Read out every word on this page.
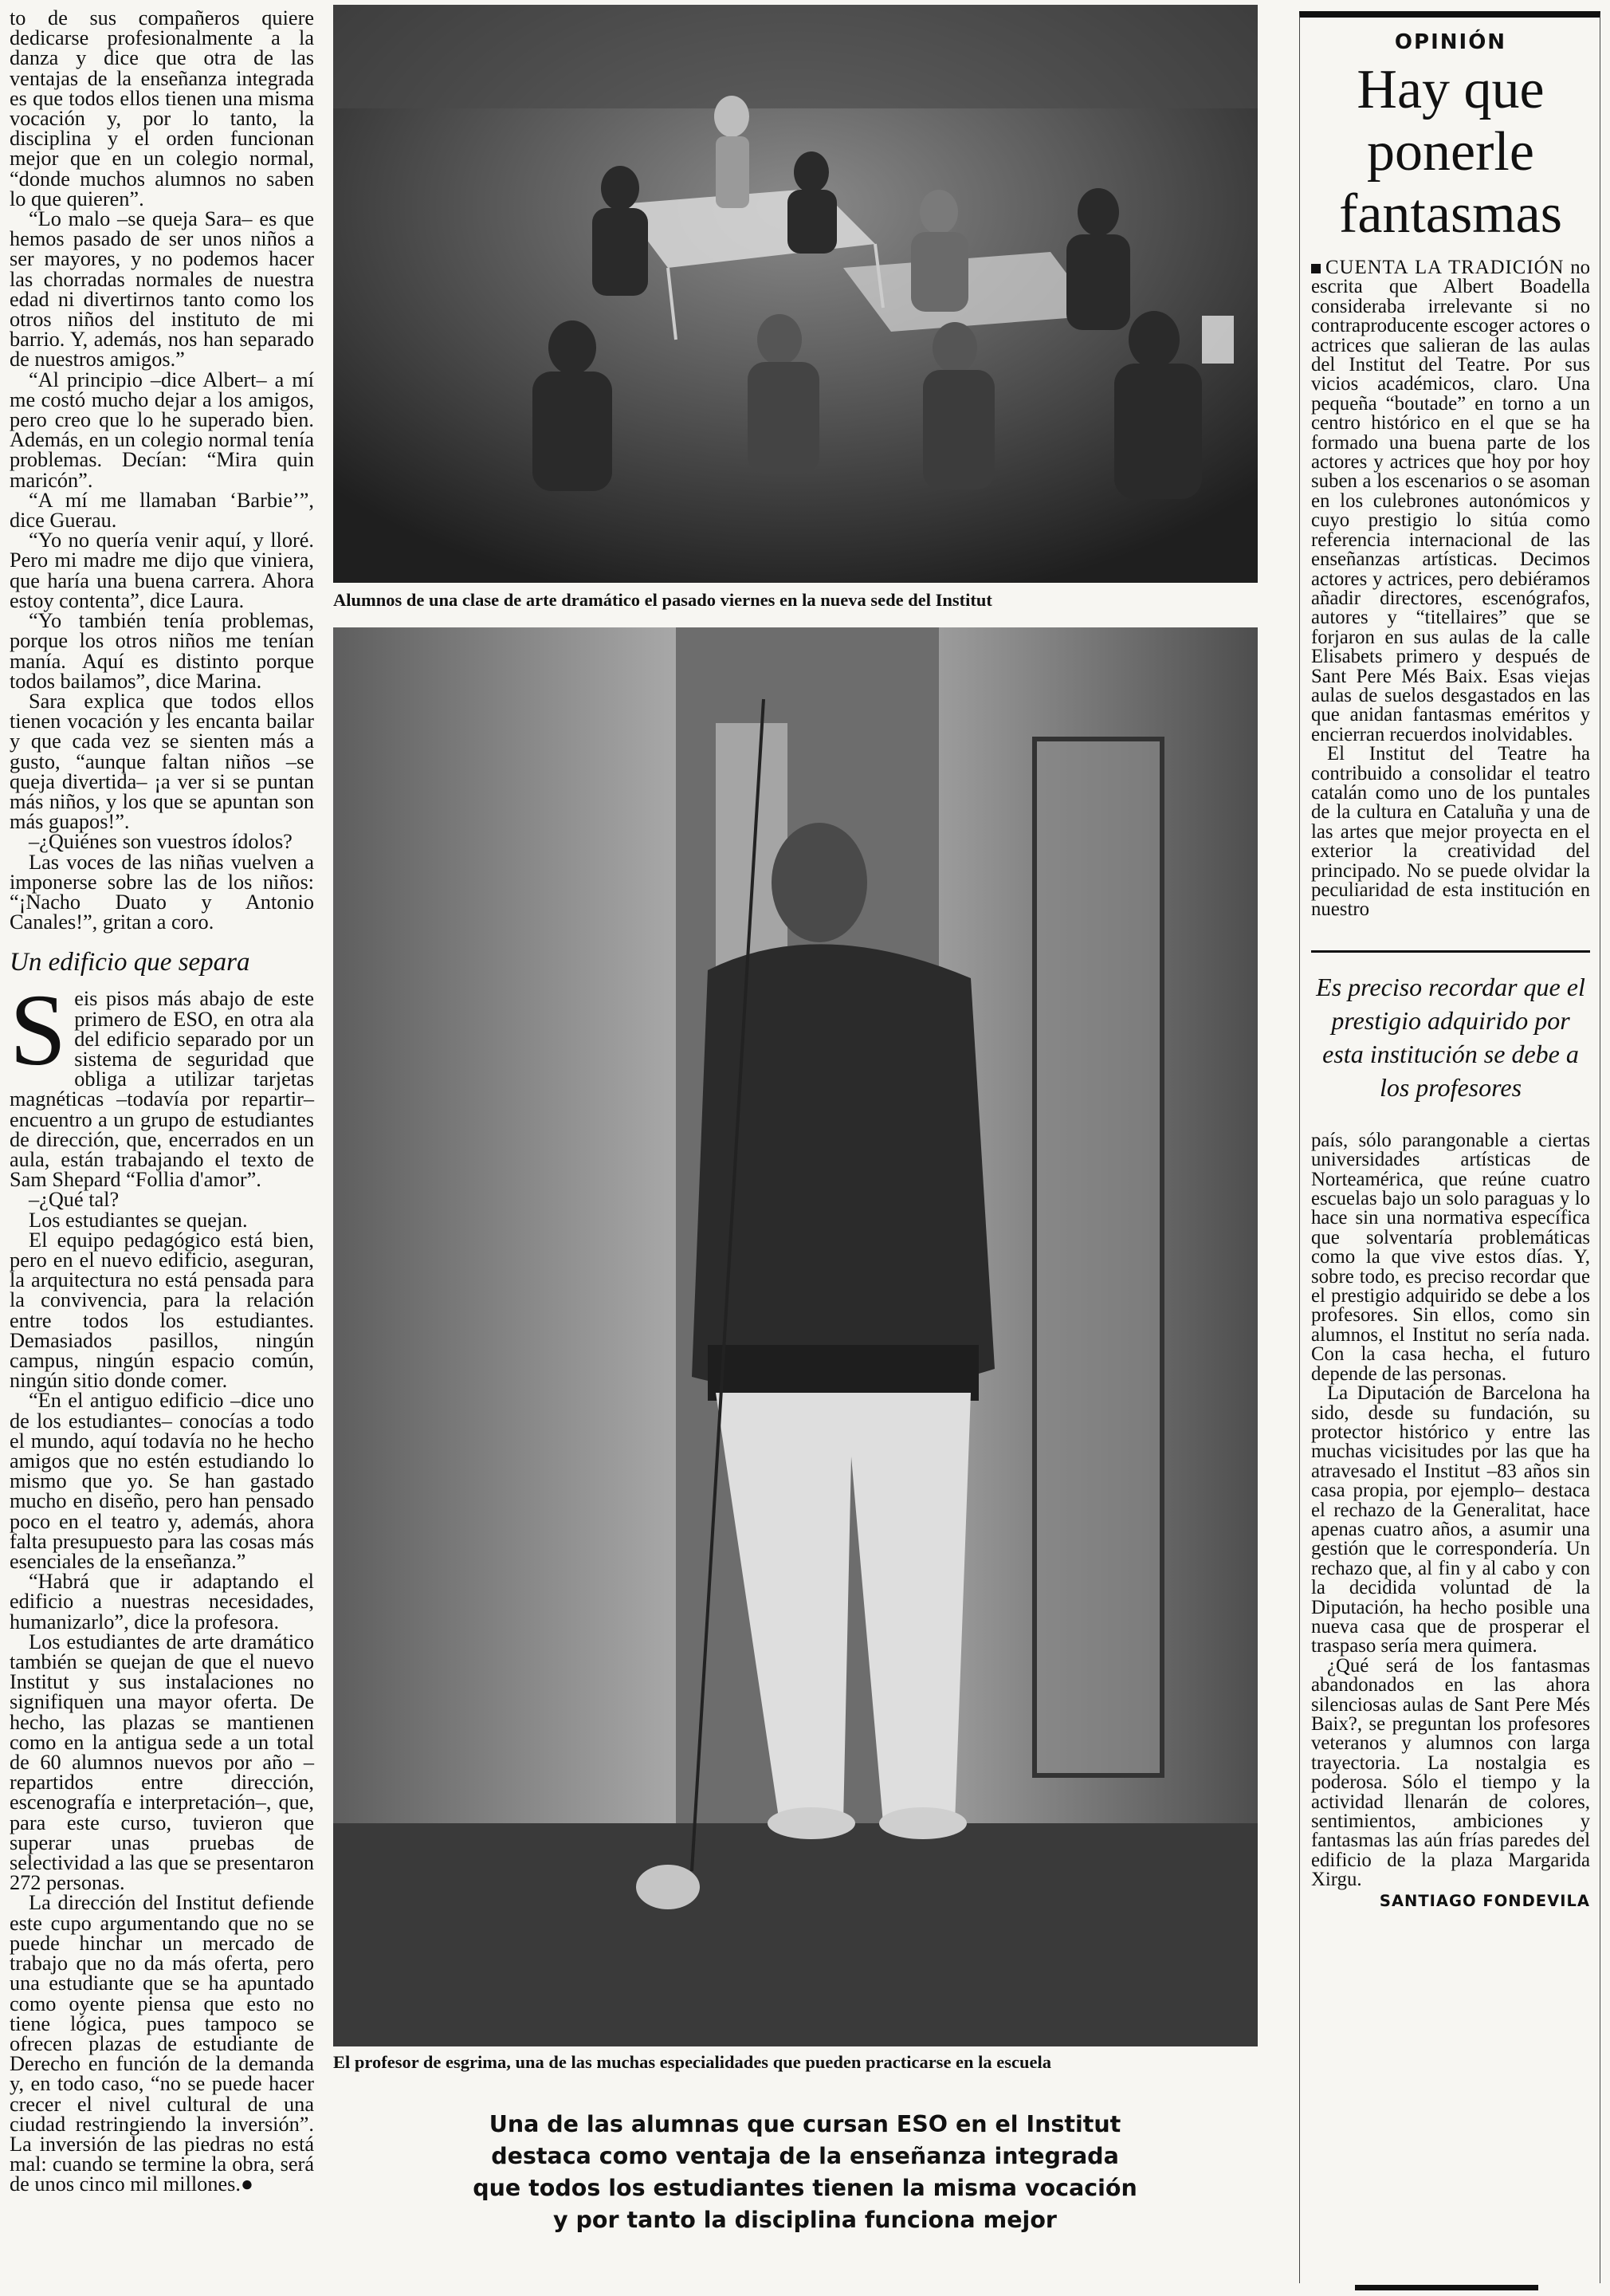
to de sus compañeros quiere dedicarse profesionalmente a la danza y dice que otra de las ventajas de la enseñanza integrada es que todos ellos tienen una misma vocación y, por lo tanto, la disciplina y el orden funcionan mejor que en un colegio normal, “donde muchos alumnos no saben lo que quieren”.

“Lo malo –se queja Sara– es que hemos pasado de ser unos niños a ser mayores, y no podemos hacer las chorradas normales de nuestra edad ni divertirnos tanto como los otros niños del instituto de mi barrio. Y, además, nos han separado de nuestros amigos.”

“Al principio –dice Albert– a mí me costó mucho dejar a los amigos, pero creo que lo he superado bien. Además, en un colegio normal tenía problemas. Decían: “Mira quin maricón”.

“A mí me llamaban ‘Barbie’”, dice Guerau.

“Yo no quería venir aquí, y lloré. Pero mi madre me dijo que viniera, que haría una buena carrera. Ahora estoy contenta”, dice Laura.

“Yo también tenía problemas, porque los otros niños me tenían manía. Aquí es distinto porque todos bailamos”, dice Marina.

Sara explica que todos ellos tienen vocación y les encanta bailar y que cada vez se sienten más a gusto, “aunque faltan niños –se queja divertida– ¡a ver si se puntan más niños, y los que se apuntan son más guapos!”.

–¿Quiénes son vuestros ídolos?

Las voces de las niñas vuelven a imponerse sobre las de los niños: “¡Nacho Duato y Antonio Canales!”, gritan a coro.

Un edificio que separa

Seis pisos más abajo de este primero de ESO, en otra ala del edificio separado por un sistema de seguridad que obliga a utilizar tarjetas magnéticas –todavía por repartir– encuentro a un grupo de estudiantes de dirección, que, encerrados en un aula, están trabajando el texto de Sam Shepard “Follia d'amor”.

–¿Qué tal?

Los estudiantes se quejan.

El equipo pedagógico está bien, pero en el nuevo edificio, aseguran, la arquitectura no está pensada para la convivencia, para la relación entre todos los estudiantes. Demasiados pasillos, ningún campus, ningún espacio común, ningún sitio donde comer.

“En el antiguo edificio –dice uno de los estudiantes– conocías a todo el mundo, aquí todavía no he hecho amigos que no estén estudiando lo mismo que yo. Se han gastado mucho en diseño, pero han pensado poco en el teatro y, además, ahora falta presupuesto para las cosas más esenciales de la enseñanza.”

“Habrá que ir adaptando el edificio a nuestras necesidades, humanizarlo”, dice la profesora.

Los estudiantes de arte dramático también se quejan de que el nuevo Institut y sus instalaciones no signifiquen una mayor oferta. De hecho, las plazas se mantienen como en la antigua sede a un total de 60 alumnos nuevos por año –repartidos entre dirección, escenografía e interpretación–, que, para este curso, tuvieron que superar unas pruebas de selectividad a las que se presentaron 272 personas.

La dirección del Institut defiende este cupo argumentando que no se puede hinchar un mercado de trabajo que no da más oferta, pero una estudiante que se ha apuntado como oyente piensa que esto no tiene lógica, pues tampoco se ofrecen plazas de estudiante de Derecho en función de la demanda y, en todo caso, “no se puede hacer crecer el nivel cultural de una ciudad restringiendo la inversión”. La inversión de las piedras no está mal: cuando se termine la obra, será de unos cinco mil millones.●

Alumnos de una clase de arte dramático el pasado viernes en la nueva sede del Institut
El profesor de esgrima, una de las muchas especialidades que pueden practicarse en la escuela
Una de las alumnas que cursan ESO en el Institut
destaca como ventaja de la enseñanza integrada
que todos los estudiantes tienen la misma vocación
y por tanto la disciplina funciona mejor
OPINIÓN
Hay que ponerle fantasmas

CUENTA LA TRADICIÓN no escrita que Albert Boadella consideraba irrelevante si no contraproducente escoger actores o actrices que salieran de las aulas del Institut del Teatre. Por sus vicios académicos, claro. Una pequeña “boutade” en torno a un centro histórico en el que se ha formado una buena parte de los actores y actrices que hoy por hoy suben a los escenarios o se asoman en los culebrones autonómicos y cuyo prestigio lo sitúa como referencia internacional de las enseñanzas artísticas. Decimos actores y actrices, pero debiéramos añadir directores, escenógrafos, autores y “titellaires” que se forjaron en sus aulas de la calle Elisabets primero y después de Sant Pere Més Baix. Esas viejas aulas de suelos desgastados en las que anidan fantasmas eméritos y encierran recuerdos inolvidables.

El Institut del Teatre ha contribuido a consolidar el teatro catalán como uno de los puntales de la cultura en Cataluña y una de las artes que mejor proyecta en el exterior la creatividad del principado. No se puede olvidar la peculiaridad de esta institución en nuestro

Es preciso recordar que el prestigio adquirido por esta institución se debe a los profesores

país, sólo parangonable a ciertas universidades artísticas de Norteamérica, que reúne cuatro escuelas bajo un solo paraguas y lo hace sin una normativa específica que solventaría problemáticas como la que vive estos días. Y, sobre todo, es preciso recordar que el prestigio adquirido se debe a los profesores. Sin ellos, como sin alumnos, el Institut no sería nada. Con la casa hecha, el futuro depende de las personas.

La Diputación de Barcelona ha sido, desde su fundación, su protector histórico y entre las muchas vicisitudes por las que ha atravesado el Institut –83 años sin casa propia, por ejemplo– destaca el rechazo de la Generalitat, hace apenas cuatro años, a asumir una gestión que le correspondería. Un rechazo que, al fin y al cabo y con la decidida voluntad de la Diputación, ha hecho posible una nueva casa que de prosperar el traspaso sería mera quimera.

¿Qué será de los fantasmas abandonados en las ahora silenciosas aulas de Sant Pere Més Baix?, se preguntan los profesores veteranos y alumnos con larga trayectoria. La nostalgia es poderosa. Sólo el tiempo y la actividad llenarán de colores, sentimientos, ambiciones y fantasmas las aún frías paredes del edificio de la plaza Margarida Xirgu.

SANTIAGO FONDEVILA
